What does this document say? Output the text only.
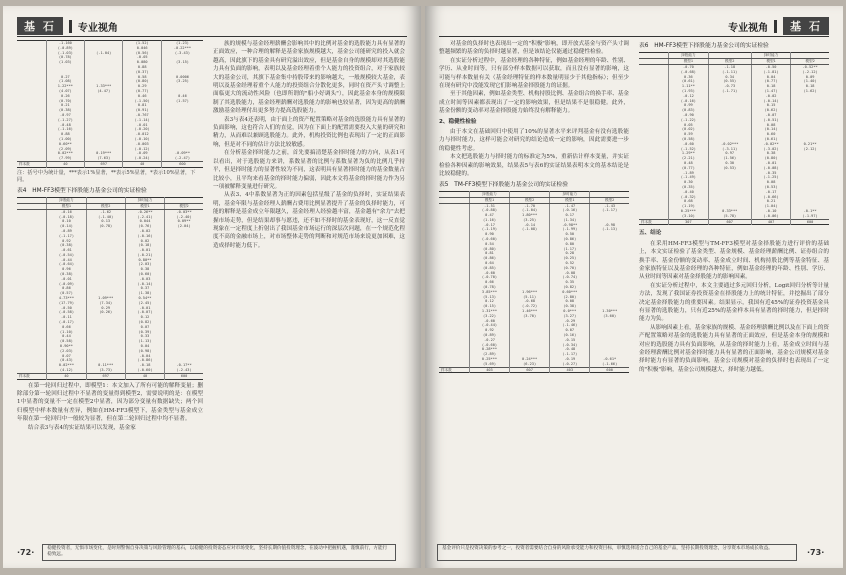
基 石	专业视角
	-1.160		(1.52)	(1.23)
	(-0.89)		0.046	-0.22***
	(-1.03)	(-1.04)	(0.56)	(-3.43)
	(0.78)		-0.05	
	(1.03)		0.080	(3.15)
			0.88	
			(0.37)	
	0.27		0.58	0.0006
	(1.08)		(0.80)	(3.25)
	1.22***	1.33***	0.29	
	(4.07)	(4.47)	(0.77)	
	0.26		0.46	0.46
	(0.70)		(-1.50)	(1.57)
	0.21		0.81	
	(0.38)		(0.91)	
	-0.97		-0.767	
	(-1.27)		(-1.14)	
	-0.48		-0.01	
	(-1.16)		(-0.20)	
	0.88		-0.012	
	(1.00)		(-0.10)	
	0.60**		-0.003	
	(2.09)		(-0.12)	
	0.02***	0.19***	-0.09	-0.09**
	(7.99)	(7.63)	(-0.24)	(-2.47)
样本数	40	697	40	600
注：括号中为统计量，***表示1%显著，**表示5%显著，*表示10%显著，下同。
表4　HM-FF3模型下择股能力基金公司的实证检验
	择股能力		择时能力	
	模型1	模型2	模型1	模型2
	-0.16	-1.62	-0.26**	-0.03**
	(-0.18)	(-1.40)	(-2.41)	(-2.40)
	0.10	0.13	0.044	0.09**
	(0.14)	(0.78)	(0.76)	(2.04)
	-0.89		-0.02	
	(-1.17)		(-0.16)	
	0.92		0.02	
	(0.38)		(0.18)	
	-0.61		-0.01	
	(-0.54)		(-0.21)	
	-0.44		0.80**	
	(-0.64)		(2.03)	
	0.96		0.38	
	(0.38)		(0.60)	
	-0.01		-0.03	
	(-0.09)		(-0.14)	
	0.86		0.37	
	(0.57)		(1.38)	
	4.73***	1.09***	0.54**	
	(17.79)	(7.34)	(2.45)	
	-0.50	0.29	-0.01	
	(-0.58)	(0.26)	(-0.07)	
	-0.11		0.12	
	(-0.17)		(0.82)	
	0.66		0.07	
	(1.10)		(0.39)	
	0.44		0.33	
	(0.58)		(1.13)	
	0.90**		0.04	
	(2.03)		(0.98)	
	0.07		-0.04	
	(0.43)		(-0.86)	
	0.02***	0.11***	-0.18	-0.17**
	(4.12)	(3.73)	(-0.60)	(-2.43)
样本数	40	697	40	600

在第一轮回归过程中，即模型1：本文加入了所有可能的解释变量；删除部分第一轮回归过程中不显著的变量得到模型2，需要说明的是：在模型1中显著的变量不一定在模型2中显著，因为部分变量有数据缺失；两个回归模型中样本数量有差异，例如在HM-FF3模型下，基金类型与基金成立年限在第一轮回归中一般较为显著，但在第二轮回归过程中均不显著。

结合表3与表4的实证结果可以发现，基金家

族的规模与基金经理薪酬会影响其中的比例对基金的选股能力具有显著的正面效应，一种合理的解释是基金家族规模越大，基金公司能研究的投入就会越高，因此旗下的基金具有研究溢出效应，但是基金自身的规模却对其选股能力具有负面的影响，表明以及基金经理着重个人能力的投资组合，对于家族较大的基金公司，其旗下基金集中持股带来的影响越大，一般规模较大基金，表明以及基金经理着重个人能力的投资组合分散化更多，同时在资产头寸调整上面临更大的流动性风险（也即所谓的"船小好调头"），因此基金本身的规模限制了其选股能力，基金经理薪酬对选股能力的影响也较显著，因为更高的薪酬激励基金经理付出更多努力提高选股能力。

表3与表4还表明，由于面上的资产配置策略对基金的选股能力具有显著的负面影响，这也符合人们的直觉，因为在下面上的配置需要投入大量的研究和精力，从而难以兼顾选股能力。此外，机构投资比例也表现出了一定的正面影响，但是对不同的估计方法比较敏感。

在分析基金择时能力之前，首先要搞清楚基金择时能力的方向，从表1可以看出，对于选股能力来讲，系数显著的比例与系数显著为负的比例几乎持平，但是择时能力的显著性较为不同，这表明具有显著择时能力的基金数量占比较小，且平均来看基金的择时能力偏弱，因此本文将基金的择时能力作为另一项被解释变量进行研究。

从表3、4中系数显著为正的因素包括星级了基金的负择时，实证结果表明，基金年限与基金经理人薪酬占费用比例显著提升了基金的负择时能力，可能的解释是基金成立年限越久，基金经理人经验越丰富，基金越有"余力"去把握市场走势，但是结果却事与愿违，还不如不择时的基金表现好，这一反直觉现象在一定程度上折射出了我国基金市场运行的深层次问题，在一个规范化程度不高的金融市场上，对市场整体走势的判断和对规范市场来说更加困难，这造成择时能力低下。

·72·	稳健投资者，无惧市场变化，是时刻警惕自身决策与风险管理的基石，以稳健的投资姿态应对市场变化，坚持长期价值投资理念，在波动中把握机遇，谨慎前行，方能行稳致远。
专业视角	基 石

对基金的负择时也表现出一定的"积极"影响，即开放式基金与资产头寸调整越频繁的基金的负择时越显著，但是该结论仅能通过稳健性检验。

在实证分析过程中，基金经理的各种特征，例如基金经理的年龄、性别、学历、从业时间等，只有部分样本数据可以获取，而且没有显著的影响，这可能与样本数量有关（基金经理特征的样本数量明显少于其他指标）；但至少在现有研究中没能发现它们影响基金择股能力的证据。

至于其他因素，例如基金类型、机构持股比例、基金组合的换手率、基金成立时间等因素都表现出了一定的影响效果，但是结果不是很稳健。此外，基金份额的变动率对基金择股能力始终没有解释能力。

2、稳健性检验

由于本文在基础回归中使用了10%的显著水平来评判基金有没有选股能力与择时能力，这样可能会对研究的结论造成一定的影响，因此需要进一步的稳健性考虑。

本文把选股能力与择时能力的标准定为5%，重新估计样本变量，并实证检验各种因素的影响效果，结果表5与表6的实证结果表明本文的基本结论是比较稳健的。

表5　TM-FF3模型下择股能力基金公司的实证检验
	择股能力		择时能力	
	模型1	模型2	模型1	模型2
	-1.51	-1.70	-1.47	-1.43
	(-0.88)	(-1.04)	(-0.16)	(-1.17)
	0.47	1.80***	0.17	
	(1.16)	(3.25)	(1.34)	
	-0.17	-0.14	-0.98**	-0.98
	(-1.19)	(-1.08)	(-1.99)	(-1.13)
	0.90		0.50	
	(-0.60)		(0.86)	
	0.54		0.80	
	(0.80)		(1.17)	
	0.81		0.28	
	(0.86)		(0.25)	
	0.64		0.52	
	(0.85)		(0.70)	
	-0.60		-0.08	
	(-0.70)		(-0.74)	
	0.66		0.35	
	(0.78)		(0.82)	
	3.85***	1.96***	0.60***	
	(5.13)	(5.11)	(2.80)	
	0.12	-0.68	0.08	
	(0.15)	(-0.72)	(0.38)	
	1.31***	1.46***	0.0***	1.30***
	(3.22)	(3.70)	(3.27)	(3.60)
	-0.60		-0.29	
	(-0.44)		(-1.46)	
	0.92		0.07	
	(0.89)		(0.16)	
	-0.27		-0.15	
	(-0.60)		(-0.34)	
	0.28***		-0.48	
	(2.89)		(-1.17)	
	0.25***	0.24***	-0.19	-0.61*
	(5.69)	(6.23)	(-0.27)	(-1.66)
样本数	403	607	403	600
表6　HM-FF3模型下择股能力基金公司的实证检验
	择股能力		择时能力	
	模型1	模型2	模型1	模型2
	-0.70	-1.18	-0.50	-0.52**
	(-0.68)	(-1.11)	(-1.81)	(-2.12)
	0.36	0.34	0.04	0.09
	(0.61)	(0.55)	(0.77)	(1.40)
	1.11**	-0.73	0.18	0.18
	(1.93)	(-1.71)	(1.47)	(1.62)
	-0.12		-0.02	
	(-0.16)		(-0.14)	
	0.99		0.15	
	(0.83)		(0.62)	
	-0.90		-0.07	
	(-1.22)		(-0.51)	
	0.05		0.08	
	(0.02)		(0.14)	
	0.59		0.60	
	(0.58)		(0.61)	
	-0.60	-0.02***	-0.02**	0.21**
	(-1.52)	(-3.11)	(-3.02)	(2.12)
	1.29**	0.97	0.38	
	(2.21)	(1.56)	(0.80)	
	0.48	0.30	-0.01	
	(0.77)	(0.53)	(-0.08)	
	-1.89		-0.35	
	(-1.49)		(-1.25)	
	0.30		0.08	
	(0.35)		(0.53)	
	-0.40		-0.17	
	(-0.32)		(-0.66)	
	0.68		0.21	
	(1.19)		(1.04)	
	0.25***	0.33***	-0.10	-0.1**
	(3.10)	(5.78)	(-0.06)	(-1.97)
样本数	307	607	407	600
五、结论

在采用HM-FF3模型与TM-FF3模型对基金择股能力进行评价的基础上，本文实证检验了基金类型、基金规模、基金经理薪酬比例、证券组合的换手率、基金份额的变动率、基金成立时间、机构持股比例等基金特征、基金家族特征以及基金经理的各种特征，例如基金经理的年龄、性别、学历、从业时间等因素对基金择股能力的影响因素。

在实证分析过程中，本文主要通过多元回归分析，Logit回归分析等计量方法，发现了我国证券投资基金在择股能力上的统计特征，并挖掘出了部分决定基金择股能力的重要因素。结果显示，我国有近45%的证券投资基金具有显著的选股能力，只有近25%的基金样本具有显著的择时能力，但是择时能力为负。

从影响因素上看，基金家族的规模、基金经理薪酬比例以及在下面上的资产配置策略对基金的选股能力具有显著的正面效应，但是基金本身的规模和对应的选股能力具有负面影响，从基金的择时能力上看，基金成立时间与基金经理薪酬比例对基金择时能力具有显著的正面影响，基金公司规模对基金择时能力有显著的负面影响，基金公司规模对基金的负择时也表现出了一定的"积极"影响，基金公司规模越大，择时能力越低。

基金评价只是投资决策的参考之一，投资者需要结合自身的风险承受能力和投资目标，审慎选择适合自己的基金产品，坚持长期投资理念，分享资本市场成长收益。	·73·
